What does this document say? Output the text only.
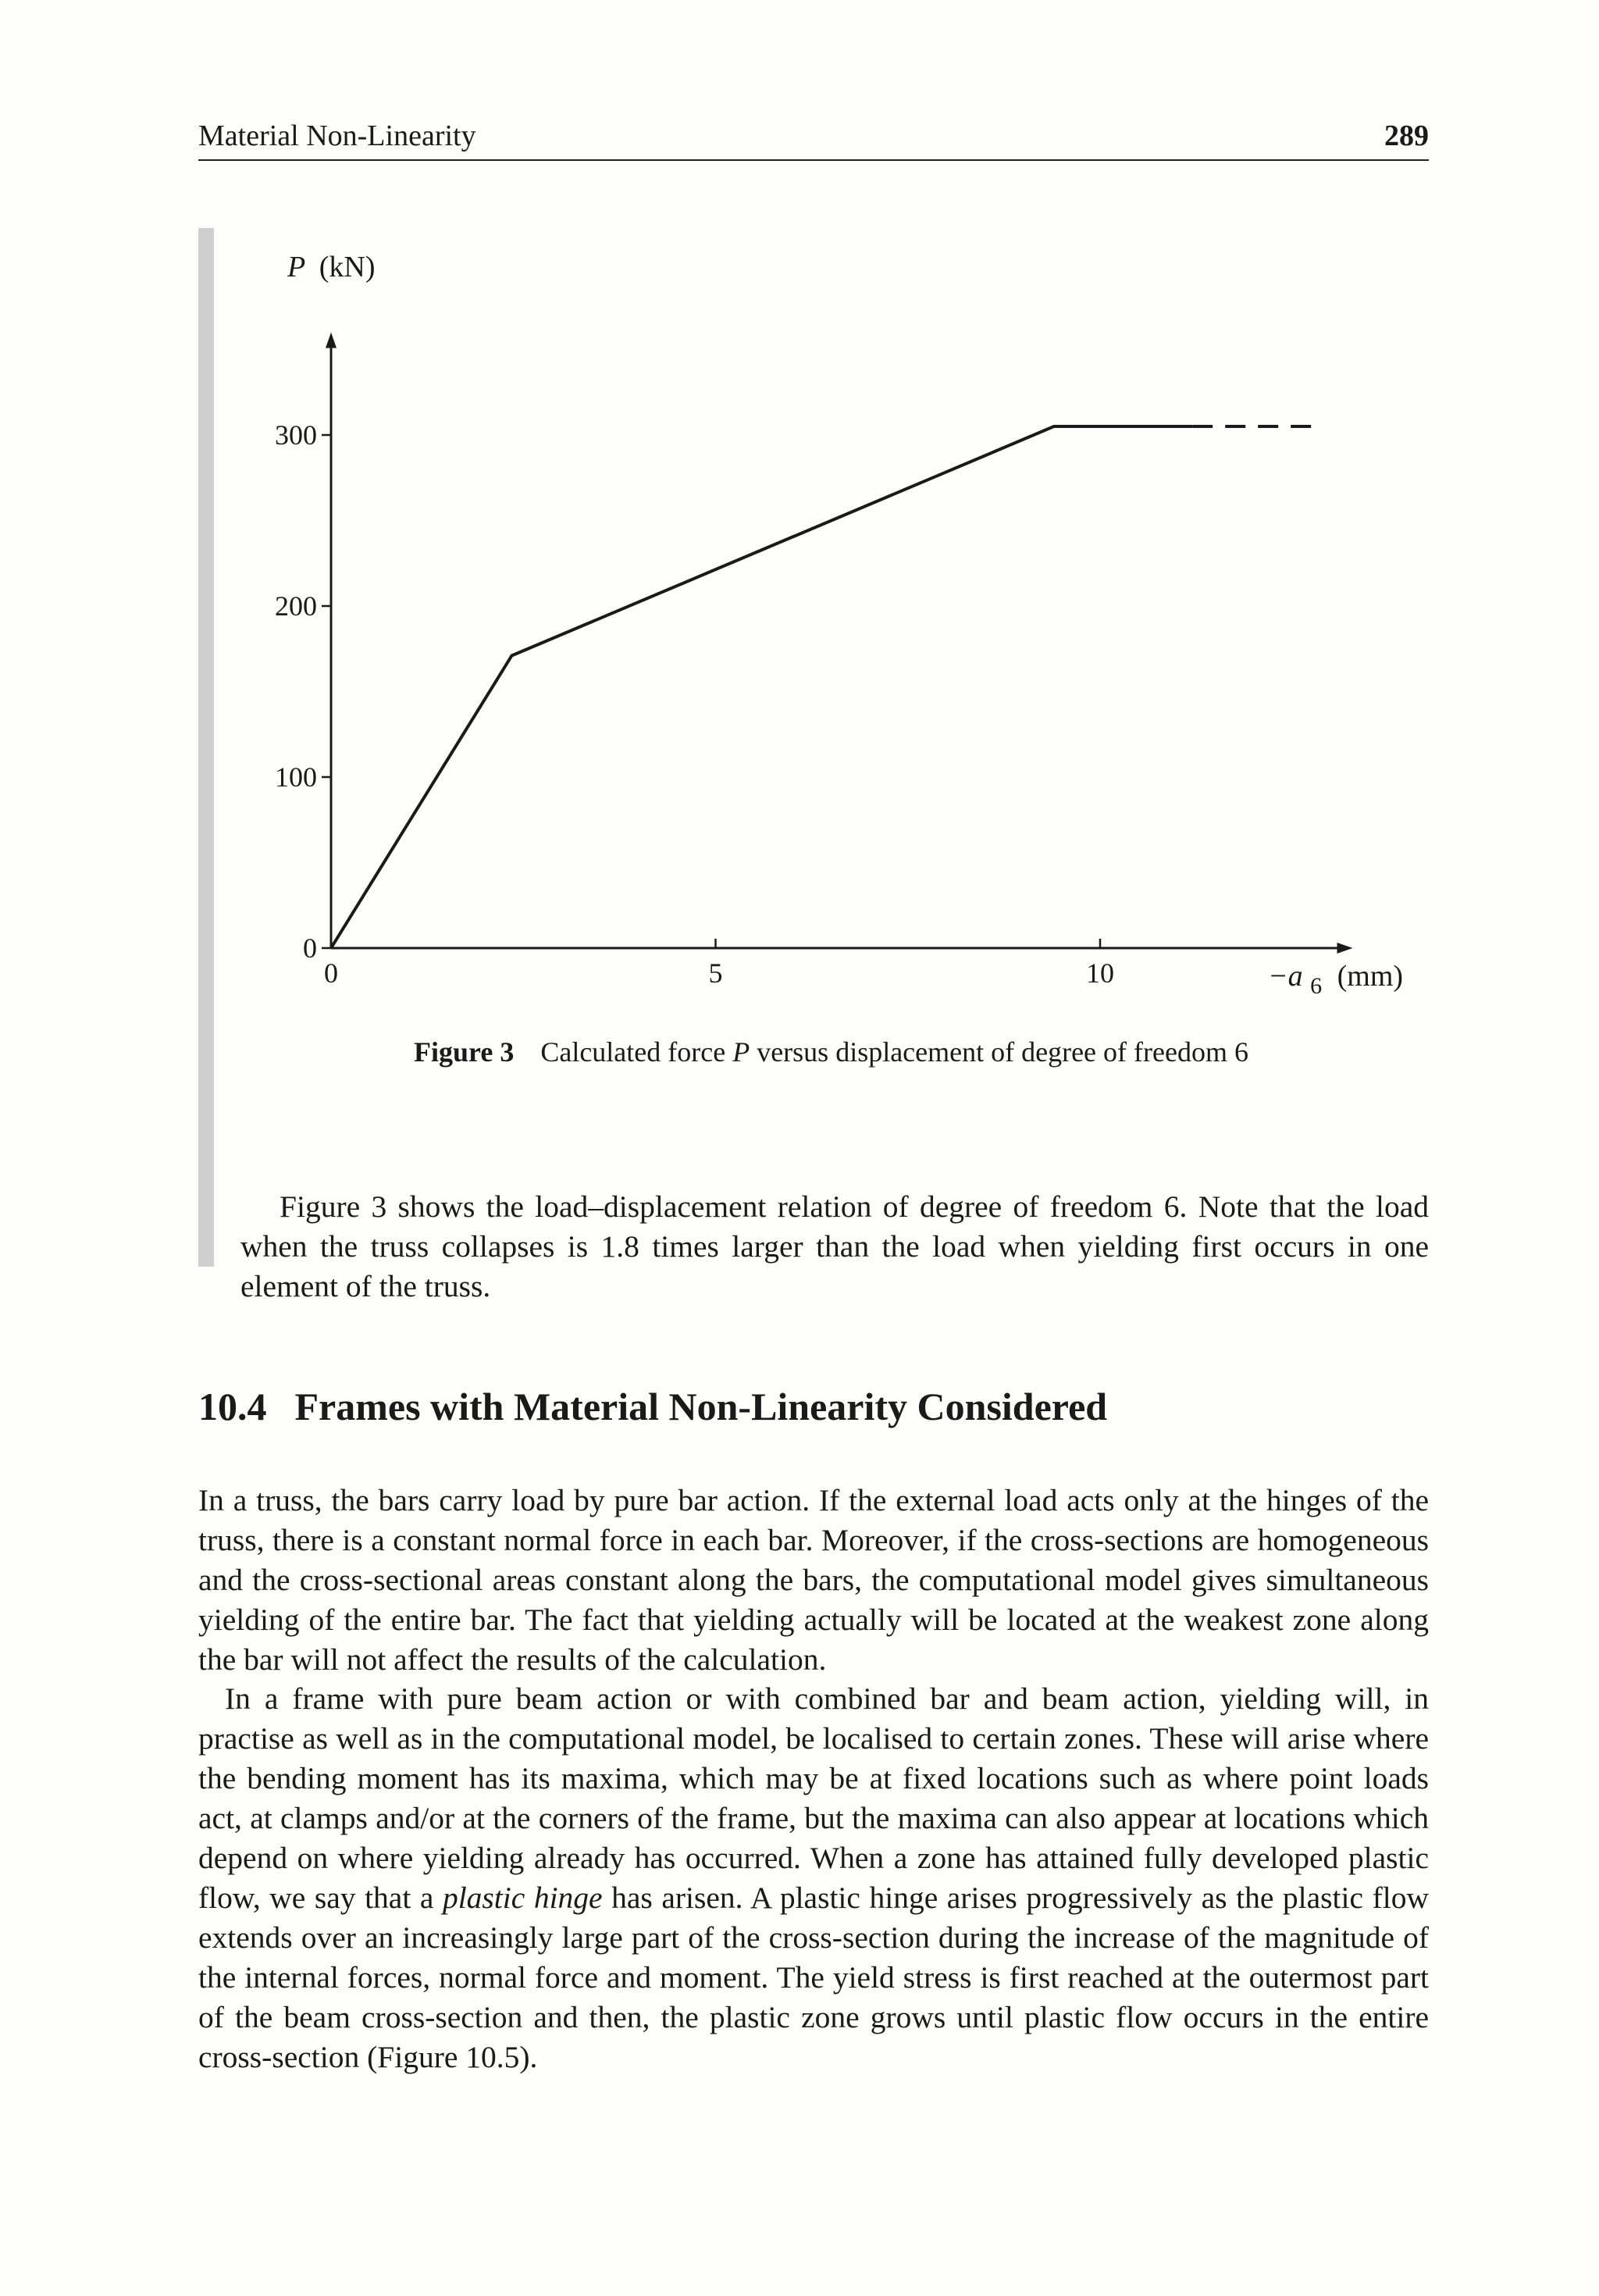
Material Non-Linearity	289
0	5	10
0
100
200
300
P (kN)
−a $_6$ (mm)
Figure 3 Calculated force P versus displacement of degree of freedom 6

Figure 3 shows the load–displacement relation of degree of freedom 6. Note that the load when the truss collapses is 1.8 times larger than the load when yielding first occurs in one element of the truss.

10.4 Frames with Material Non-Linearity Considered

In a truss, the bars carry load by pure bar action. If the external load acts only at the hinges of the truss, there is a constant normal force in each bar. Moreover, if the cross-sections are homogeneous and the cross-sectional areas constant along the bars, the computational model gives simultaneous yielding of the entire bar. The fact that yielding actually will be located at the weakest zone along the bar will not affect the results of the calculation.

In a frame with pure beam action or with combined bar and beam action, yielding will, in practise as well as in the computational model, be localised to certain zones. These will arise where the bending moment has its maxima, which may be at fixed locations such as where point loads act, at clamps and/or at the corners of the frame, but the maxima can also appear at locations which depend on where yielding already has occurred. When a zone has attained fully developed plastic flow, we say that a plastic hinge has arisen. A plastic hinge arises progressively as the plastic flow extends over an increasingly large part of the cross-section during the increase of the magnitude of the internal forces, normal force and moment. The yield stress is first reached at the outermost part of the beam cross-section and then, the plastic zone grows until plastic flow occurs in the entire cross-section (Figure 10.5).
